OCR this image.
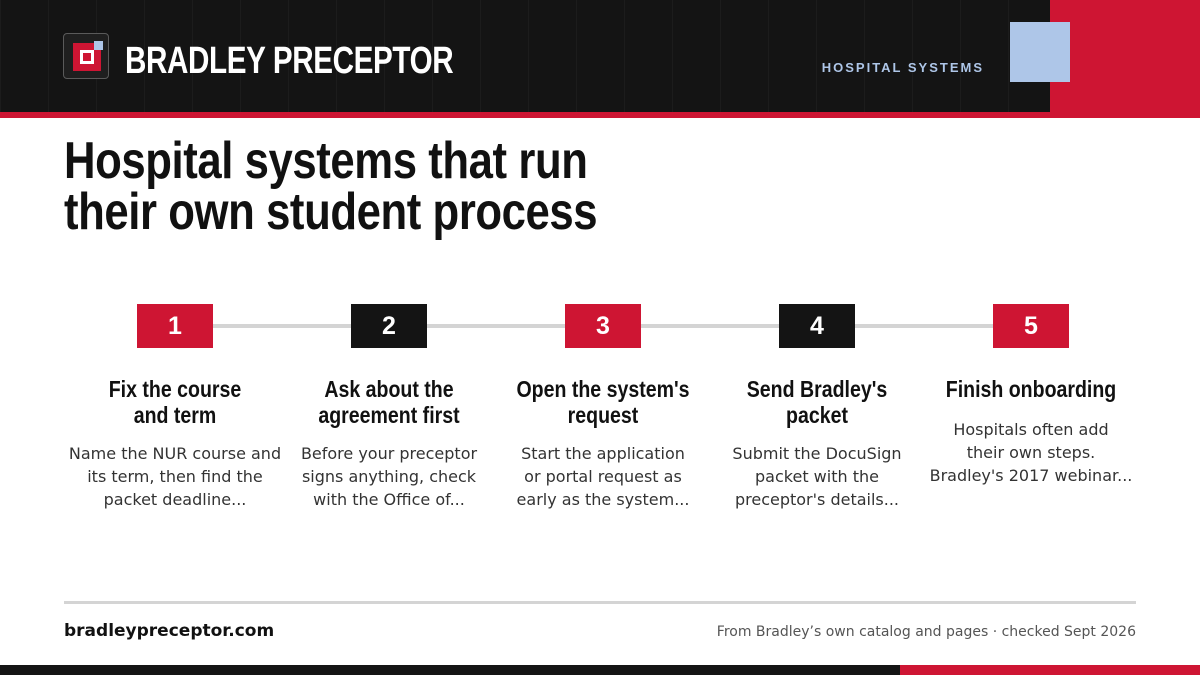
BRADLEY PRECEPTOR	HOSPITAL SYSTEMS
Hospital systems that run
their own student process
1
Fix the course
and term
Name the NUR course and
its term, then find the
packet deadline...
2
Ask about the
agreement first
Before your preceptor
signs anything, check
with the Office of...
3
Open the system's
request
Start the application
or portal request as
early as the system...
4
Send Bradley's
packet
Submit the DocuSign
packet with the
preceptor's details...
5
Finish onboarding
Hospitals often add
their own steps.
Bradley's 2017 webinar...
bradleypreceptor.com	From Bradley’s own catalog and pages · checked Sept 2026
